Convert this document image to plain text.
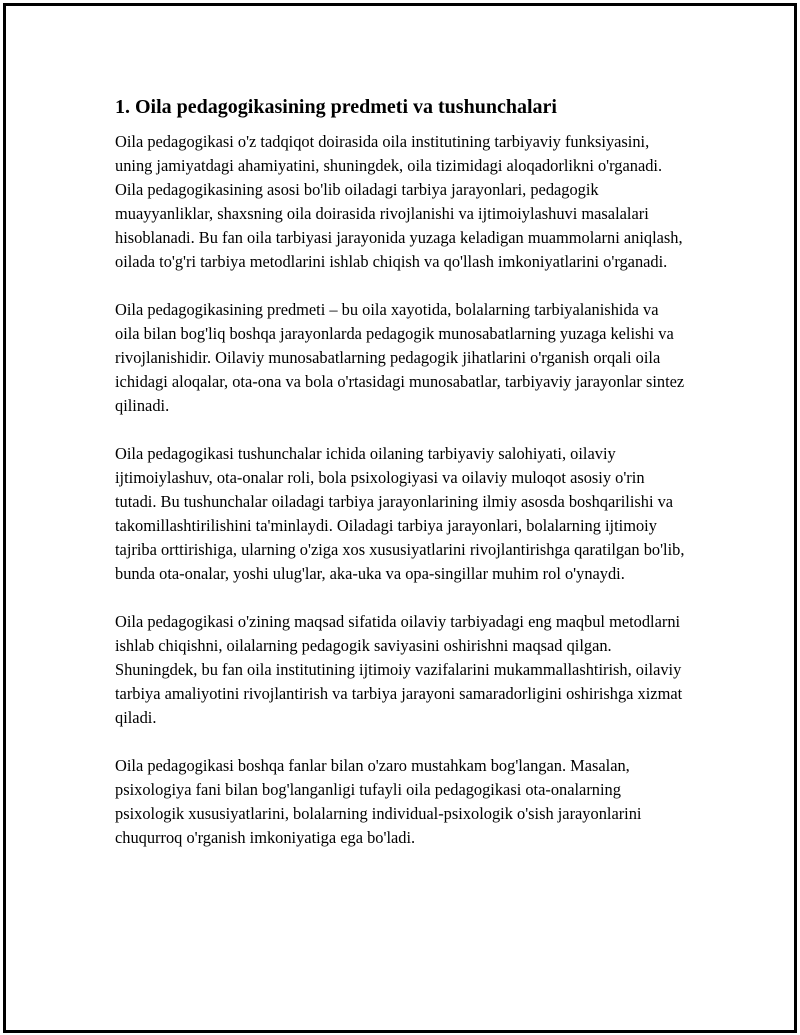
1. Oila pedagogikasining predmeti va tushunchalari

Oila pedagogikasi o'z tadqiqot doirasida oila institutining tarbiyaviy funksiyasini, uning jamiyatdagi ahamiyatini, shuningdek, oila tizimidagi aloqadorlikni o'rganadi. Oila pedagogikasining asosi bo'lib oiladagi tarbiya jarayonlari, pedagogik muayyanliklar, shaxsning oila doirasida rivojlanishi va ijtimoiylashuvi masalalari hisoblanadi. Bu fan oila tarbiyasi jarayonida yuzaga keladigan muammolarni aniqlash, oilada to'g'ri tarbiya metodlarini ishlab chiqish va qo'llash imkoniyatlarini o'rganadi.

Oila pedagogikasining predmeti – bu oila xayotida, bolalarning tarbiyalanishida va oila bilan bog'liq boshqa jarayonlarda pedagogik munosabatlarning yuzaga kelishi va rivojlanishidir. Oilaviy munosabatlarning pedagogik jihatlarini o'rganish orqali oila ichidagi aloqalar, ota-ona va bola o'rtasidagi munosabatlar, tarbiyaviy jarayonlar sintez qilinadi.

Oila pedagogikasi tushunchalar ichida oilaning tarbiyaviy salohiyati, oilaviy ijtimoiylashuv, ota-onalar roli, bola psixologiyasi va oilaviy muloqot asosiy o'rin tutadi. Bu tushunchalar oiladagi tarbiya jarayonlarining ilmiy asosda boshqarilishi va takomillashtirilishini ta'minlaydi. Oiladagi tarbiya jarayonlari, bolalarning ijtimoiy tajriba orttirishiga, ularning o'ziga xos xususiyatlarini rivojlantirishga qaratilgan bo'lib, bunda ota-onalar, yoshi ulug'lar, aka-uka va opa-singillar muhim rol o'ynaydi.

Oila pedagogikasi o'zining maqsad sifatida oilaviy tarbiyadagi eng maqbul metodlarni ishlab chiqishni, oilalarning pedagogik saviyasini oshirishni maqsad qilgan. Shuningdek, bu fan oila institutining ijtimoiy vazifalarini mukammallashtirish, oilaviy tarbiya amaliyotini rivojlantirish va tarbiya jarayoni samaradorligini oshirishga xizmat qiladi.

Oila pedagogikasi boshqa fanlar bilan o'zaro mustahkam bog'langan. Masalan, psixologiya fani bilan bog'langanligi tufayli oila pedagogikasi ota-onalarning psixologik xususiyatlarini, bolalarning individual-psixologik o'sish jarayonlarini chuqurroq o'rganish imkoniyatiga ega bo'ladi.
